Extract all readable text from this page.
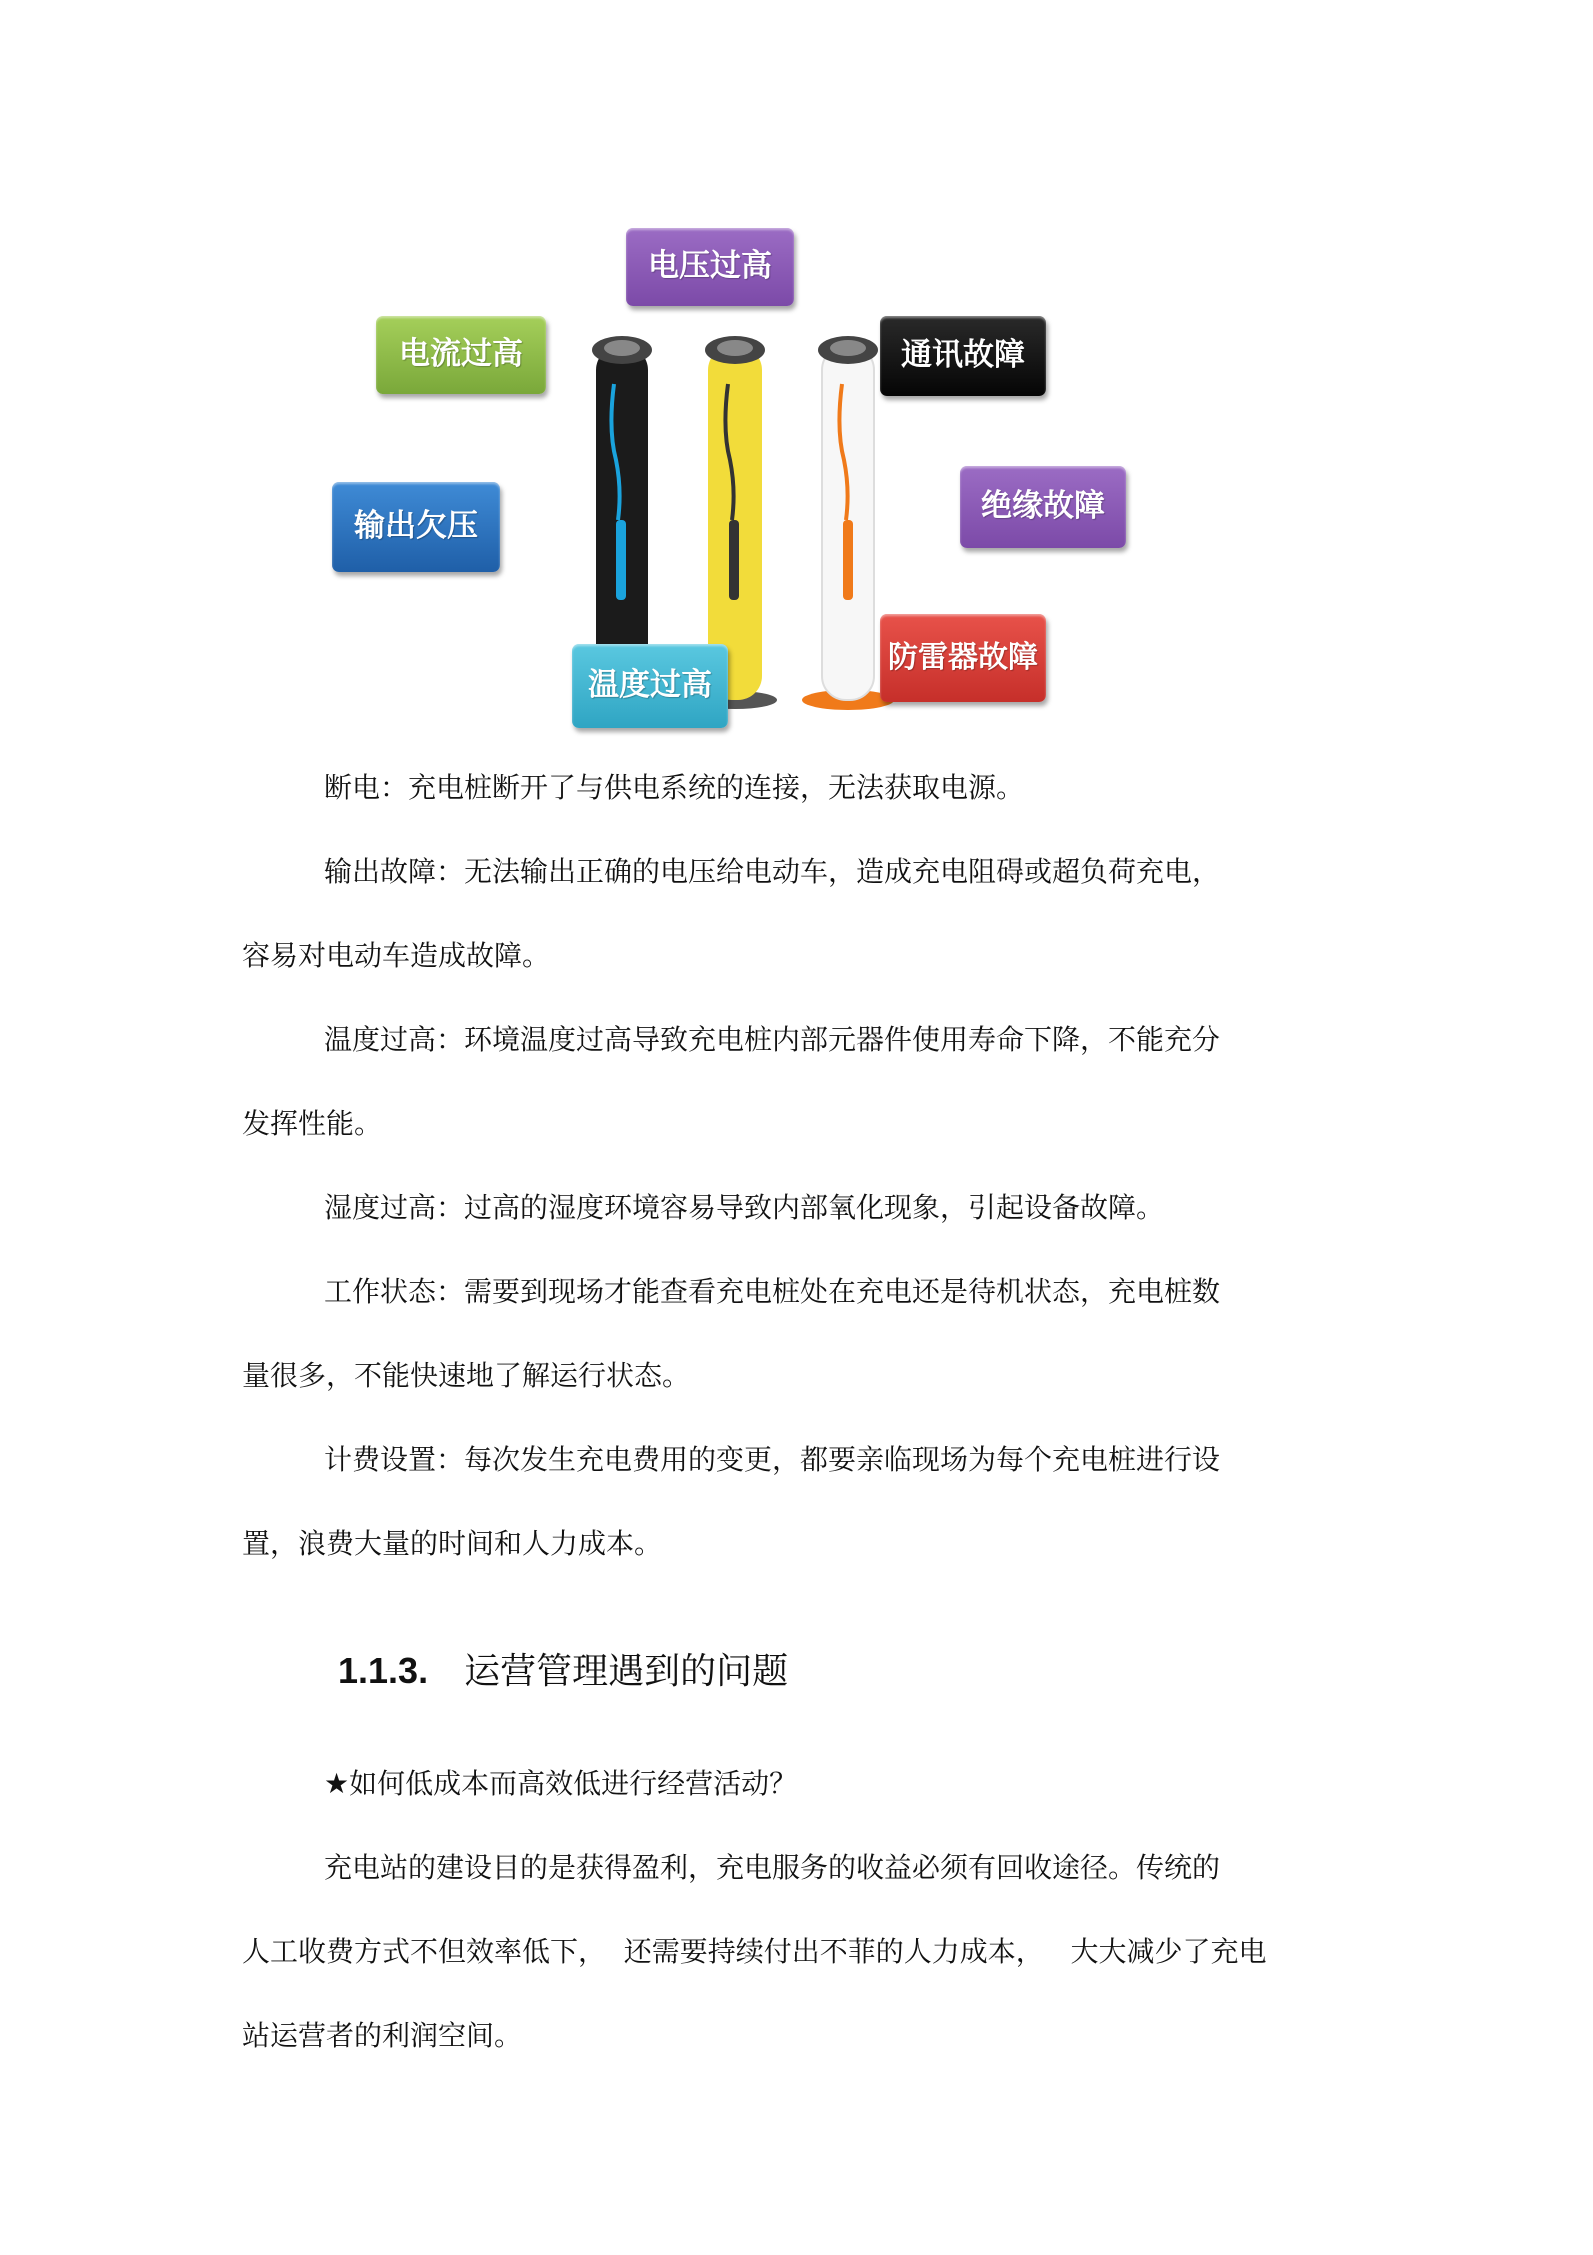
电压过高
电流过高	通讯故障
输出欠压
绝缘故障
温度过高
防雷器故障
断电：充电桩断开了与供电系统的连接，无法获取电源。
输出故障：无法输出正确的电压给电动车，造成充电阻碍或超负荷充电，
容易对电动车造成故障。
温度过高：环境温度过高导致充电桩内部元器件使用寿命下降，不能充分
发挥性能。
湿度过高：过高的湿度环境容易导致内部氧化现象，引起设备故障。
工作状态：需要到现场才能查看充电桩处在充电还是待机状态，充电桩数
量很多，不能快速地了解运行状态。
计费设置：每次发生充电费用的变更，都要亲临现场为每个充电桩进行设
置，浪费大量的时间和人力成本。
1.1.3. 运营管理遇到的问题
★如何低成本而高效低进行经营活动？
充电站的建设目的是获得盈利，充电服务的收益必须有回收途径。传统的
人工收费方式不但效率低下，  还需要持续付出不菲的人力成本，   大大减少了充电
站运营者的利润空间。
